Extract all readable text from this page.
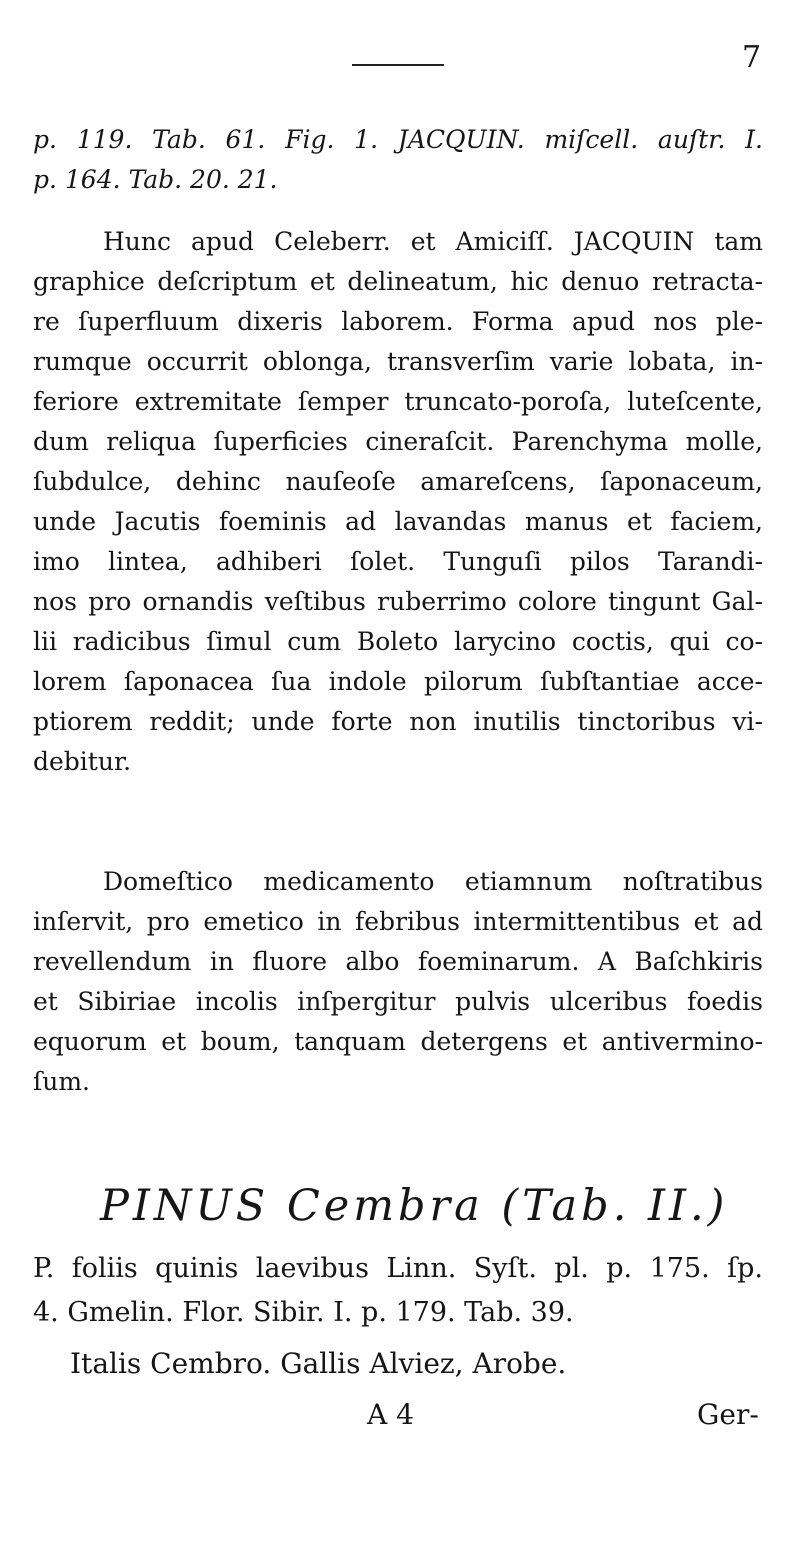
7
p. 119. Tab. 61. Fig. 1. JACQUIN. miſcell. auſtr. I.
p. 164. Tab. 20. 21.
Hunc apud Celeberr. et Amiciſſ. JACQUIN tam
graphice deſcriptum et delineatum, hic denuo retracta-
re ſuperfluum dixeris laborem. Forma apud nos ple-
rumque occurrit oblonga, transverſim varie lobata, in-
feriore extremitate ſemper truncato-poroſa, luteſcente,
dum reliqua ſuperficies cineraſcit. Parenchyma molle,
ſubdulce, dehinc nauſeoſe amareſcens, ſaponaceum,
unde Jacutis foeminis ad lavandas manus et faciem,
imo lintea, adhiberi ſolet. Tunguſi pilos Tarandi-
nos pro ornandis veſtibus ruberrimo colore tingunt Gal-
lii radicibus ſimul cum Boleto larycino coctis, qui co-
lorem ſaponacea ſua indole pilorum ſubſtantiae acce-
ptiorem reddit; unde forte non inutilis tinctoribus vi-
debitur.
Domeſtico medicamento etiamnum noſtratibus
inſervit, pro emetico in febribus intermittentibus et ad
revellendum in fluore albo foeminarum. A Baſchkiris
et Sibiriae incolis inſpergitur pulvis ulceribus foedis
equorum et boum, tanquam detergens et antivermino-
ſum.
PINUS Cembra (Tab. II.)
P. foliis quinis laevibus Linn. Syſt. pl. p. 175. ſp.
4. Gmelin. Flor. Sibir. I. p. 179. Tab. 39.
Italis Cembro. Gallis Alviez, Arobe.
A 4	Ger-
